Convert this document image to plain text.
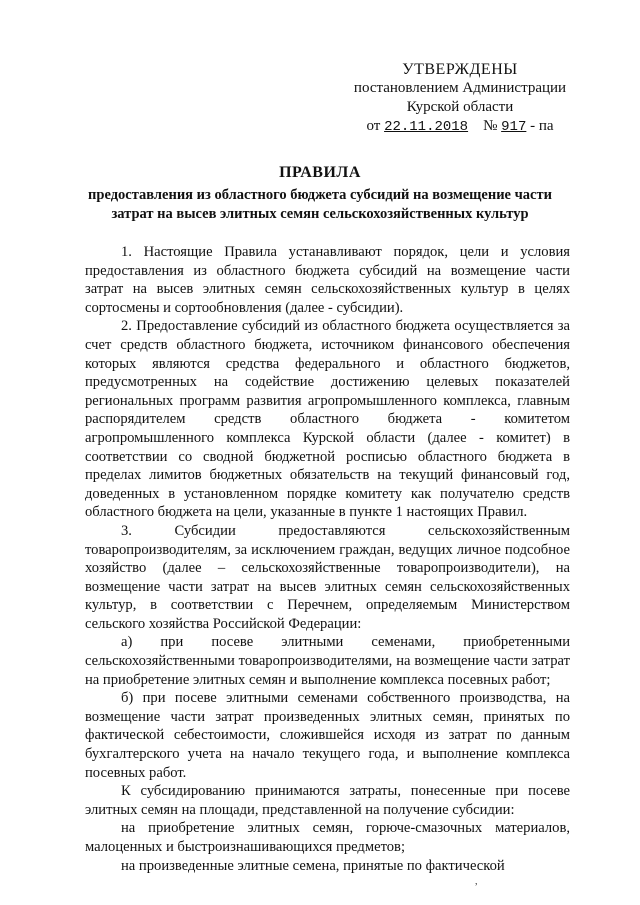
УТВЕРЖДЕНЫ
постановлением Администрации
Курской области
от 22.11.2018 № 917 - па
ПРАВИЛА
предоставления из областного бюджета субсидий на возмещение части затрат на высев элитных семян сельскохозяйственных культур

1. Настоящие Правила устанавливают порядок, цели и условия предоставления из областного бюджета субсидий на возмещение части затрат на высев элитных семян сельскохозяйственных культур в целях сортосмены и сортообновления (далее - субсидии).

2. Предоставление субсидий из областного бюджета осуществляется за счет средств областного бюджета, источником финансового обеспечения которых являются средства федерального и областного бюджетов, предусмотренных на содействие достижению целевых показателей региональных программ развития агропромышленного комплекса, главным распорядителем средств областного бюджета - комитетом агропромышленного комплекса Курской области (далее - комитет) в соответствии со сводной бюджетной росписью областного бюджета в пределах лимитов бюджетных обязательств на текущий финансовый год, доведенных в установленном порядке комитету как получателю средств областного бюджета на цели, указанные в пункте 1 настоящих Правил.

3. Субсидии предоставляются сельскохозяйственным товаропроизводителям, за исключением граждан, ведущих личное подсобное хозяйство (далее – сельскохозяйственные товаропроизводители), на возмещение части затрат на высев элитных семян сельскохозяйственных культур, в соответствии с Перечнем, определяемым Министерством сельского хозяйства Российской Федерации:

а) при посеве элитными семенами, приобретенными сельскохозяйственными товаропроизводителями, на возмещение части затрат на приобретение элитных семян и выполнение комплекса посевных работ;

б) при посеве элитными семенами собственного производства, на возмещение части затрат произведенных элитных семян, принятых по фактической себестоимости, сложившейся исходя из затрат по данным бухгалтерского учета на начало текущего года, и выполнение комплекса посевных работ.

К субсидированию принимаются затраты, понесенные при посеве элитных семян на площади, представленной на получение субсидии:

на приобретение элитных семян, горюче-смазочных материалов, малоценных и быстроизнашивающихся предметов;

на произведенные элитные семена, принятые по фактической

,
